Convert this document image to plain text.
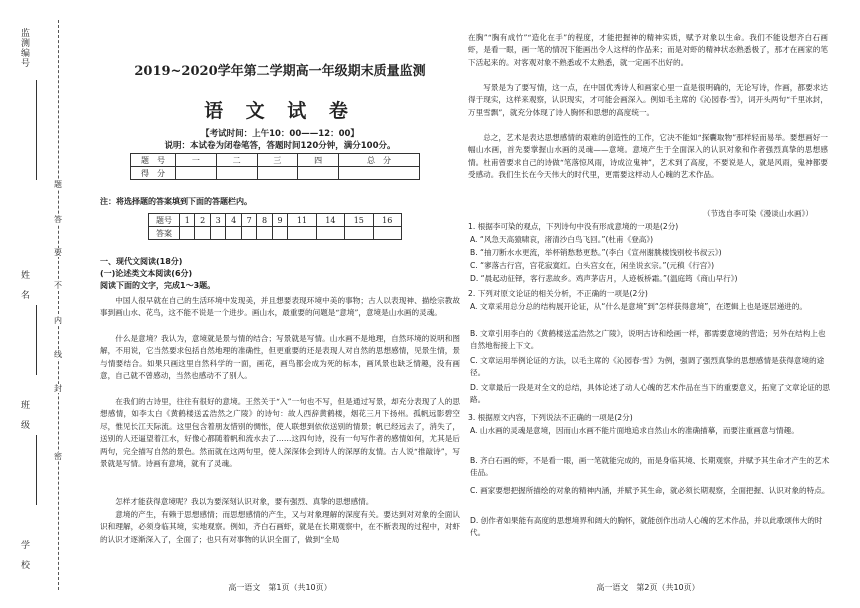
监测编号
姓　名
班　级
学　校
题
答
要
不
内
线
封
密
2019~2020学年第二学期高一年级期末质量监测
语 文 试 卷
【考试时间：上午10：00——12：00】
说明：本试卷为闭卷笔答，答题时间120分钟，满分100分。
题　号	一	二	三	四	总　分
得　分					
注：将选择题的答案填到下面的答题栏内。
题号	1	2	3	4	7	8	9	11	14	15	16
答案											
一、现代文阅读(18分)
(一)论述类文本阅读(6分)
阅读下面的文字，完成1～3题。
中国人很早就在自己的生活环境中发现美，并且想要表现环境中美的事物；古人以表现神、描绘宗教故事到画山水、花鸟，这不能不说是一个进步。画山水，最重要的问题是“意境”，意境是山水画的灵魂。
什么是意境？我认为，意境就是景与情的结合；写景就是写情。山水画不是地理，自然环境的说明和图解，不用说，它当然要求包括自然地理的准确性，但更重要的还是表现人对自然的思想感情，见景生情，景与情要结合。如果只画这里自然科学的一面，画花，画鸟都会成为死的标本，画风景也缺乏情趣，没有画意，自己就不曾感动，当然也感动不了别人。
在我们的古诗里，往往有很好的意境。王然关于“入”一句也不写，但是通过写景，却充分表现了人的思想感情，如李太白《黄鹤楼送孟浩然之广陵》的诗句：故人西辞黄鹤楼，烟花三月下扬州。孤帆远影碧空尽，惟见长江天际流。这里包含着朋友惜别的惆怅，使人联想到依依送别的情景；帆已经远去了，消失了，送别的人还逼望着江水，好像心都随着帆和流水去了……这四句诗，没有一句写作者的感情如何，尤其是后两句，完全描写自然的景色。然而就在这两句里，使人深深体会到诗人的深厚的友情。古人说“推敲诗”，写景就是写情。诗画有意境，就有了灵魂。
怎样才能获得意境呢？我以为要深刻认识对象，要有强烈、真挚的思想感情。
意境的产生，有赖于思想感情；而思想感情的产生，又与对象理解的深度有关。要达到对对象的全面认识和理解，必须身临其境，实地观察。例如，齐白石画虾，就是在长期观察中，在不断表现的过程中，对虾的认识才逐渐深入了，全面了；也只有对事物的认识全面了，做到“全局
高一语文　第1页（共10页）
在胸”“胸有成竹”“造化在手”的程度，才能把握神的精神实质，赋予对象以生命。我们不能设想齐白石画虾，是看一眼，画一笔的情况下能画出令人这样的作品来；而是对虾的精神状态熟悉极了，那才在画家的笔下活起来的。对客观对象不熟悉或不太熟悉，就一定画不出好的。
写景是为了要写情，这一点，在中国优秀诗人和画家心里一直是很明确的，无论写诗，作画，都要求达得于现实，这样来观察，认识现实，才可能会画深入。例如毛主席的《沁园春·雪》，词开头两句“千里冰封，万里雪飘”，就充分体现了诗人胸怀和思想的高度统一。
总之，艺术是表达思想感情的艰难的创造性的工作，它决不能如“探囊取物”那样轻而易举。要想画好一幅山水画，首先要掌握山水画的灵魂——意境。意境产生于全面深入的认识对象和作者强烈真挚的思想感情。杜甫曾要求自己的诗做“笔落惊风雨，诗成泣鬼神”，艺术到了高度，不要说是人，就是风雨，鬼神都要受感动。我们生长在今天伟大的时代里，更需要这样动人心魄的艺术作品。
（节选自李可染《漫谈山水画》）
1. 根据李可染的观点，下列诗句中没有形成意境的一项是(2分)
A. “风急天高猿啸哀，渚清沙白鸟飞回。”(杜甫《登高》)
B. “抽刀断水水更流，举杯销愁愁更愁。”(李白《宣州谢朓楼饯别校书叔云》)
C. “寥落古行宫，宫花寂寞红。白头宫女在，闲坐说玄宗。”(元稹《行宫》)
D. “晨起动征铎，客行悲故乡。鸡声茅店月，人迹板桥霜。”(温庭筠《商山早行》)
2. 下列对原文论证的相关分析，不正确的一项是(2分)
A. 文章采用总分总的结构展开论证，从“什么是意境”到“怎样获得意境”，在逻辑上也是逐层递进的。
B. 文章引用李白的《黄鹤楼送孟浩然之广陵》，说明古诗和绘画一样，都需要意境的营造；另外在结构上也自然地衔接上下文。
C. 文章运用举例论证的方法，以毛主席的《沁园春·雪》为例，强调了强烈真挚的思想感情是获得意境的途径。
D. 文章最后一段是对全文的总结，具体论述了动人心魄的艺术作品在当下的重要意义，拓宽了文章论证的思路。
3. 根据原文内容，下列说法不正确的一项是(2分)
A. 山水画的灵魂是意境，因而山水画不能片面地追求自然山水的准确描摹，而要注重画意与情趣。
B. 齐白石画的虾，不是看一眼，画一笔就能完成的，而是身临其境、长期观察，并赋予其生命才产生的艺术佳品。
C. 画家要想把握所描绘的对象的精神内涵，并赋予其生命，就必须长期观察，全面把握、认识对象的特点。
D. 创作者如果能有高度的思想境界和阔大的胸怀，就能创作出动人心魄的艺术作品，并以此歌颂伟大的时代。
高一语文　第2页（共10页）
